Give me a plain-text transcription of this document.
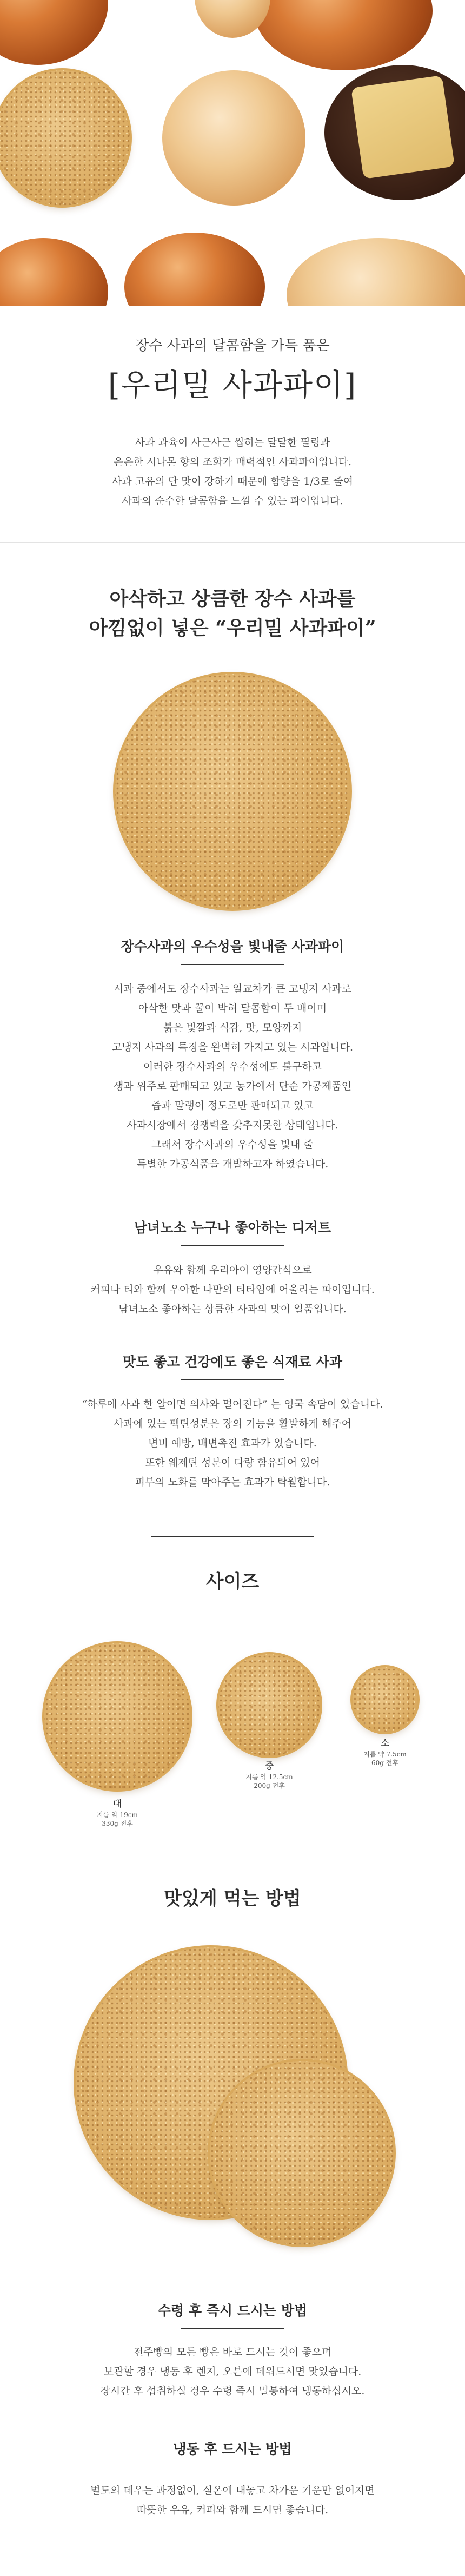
장수 사과의 달콤함을 가득 품은
[우리밀 사과파이]
사과 과육이 사근사근 씹히는 달달한 필링과
은은한 시나몬 향의 조화가 매력적인 사과파이입니다.
사과 고유의 단 맛이 강하기 때문에 함량을 1/3로 줄여
사과의 순수한 달콤함을 느낄 수 있는 파이입니다.
아삭하고 상큼한 장수 사과를
아낌없이 넣은 “우리밀 사과파이”
장수사과의 우수성을 빛내줄 사과파이
시과 중에서도 장수사과는 일교차가 큰 고냉지 사과로
아삭한 맛과 꿀이 박혀 달콤함이 두 배이며
붉은 빛깔과 식감, 맛, 모양까지
고냉지 사과의 특징을 완벽히 가지고 있는 시과입니다.
이러한 장수사과의 우수성에도 불구하고
생과 위주로 판매되고 있고 농가에서 단순 가공제품인
즙과 말랭이 정도로만 판매되고 있고
사과시장에서 경쟁력을 갖추지못한 상태입니다.
그래서 장수사과의 우수성을 빛내 줄
특별한 가공식품을 개발하고자 하였습니다.
남녀노소 누구나 좋아하는 디저트
우유와 함께 우리아이 영양간식으로
커피나 티와 함께 우아한 나만의 티타임에 어울리는 파이입니다.
남녀노소 좋아하는 상큼한 사과의 맛이 일품입니다.
맛도 좋고 건강에도 좋은 식재료 사과
“하루에 사과 한 알이면 의사와 멀어진다” 는 영국 속담이 있습니다.
사과에 있는 펙틴성분은 장의 기능을 활발하게 해주어
변비 예방, 배변촉진 효과가 있습니다.
또한 웨제틴 성분이 다량 함유되어 있어
피부의 노화를 막아주는 효과가 탁월합니다.
사이즈
대
지름 약 19cm
330g 전후
중
지름 약 12.5cm
200g 전후
소
지름 약 7.5cm
60g 전후
맛있게 먹는 방법
수령 후 즉시 드시는 방법
전주빵의 모든 빵은 바로 드시는 것이 좋으며
보관할 경우 냉동 후 렌지, 오븐에 데워드시면 맛있습니다.
장시간 후 섭취하실 경우 수령 즉시 밀봉하여 냉동하십시오.
냉동 후 드시는 방법
별도의 데우는 과정없이, 실온에 내놓고 차가운 기운만 없어지면
따뜻한 우유, 커피와 함께 드시면 좋습니다.
